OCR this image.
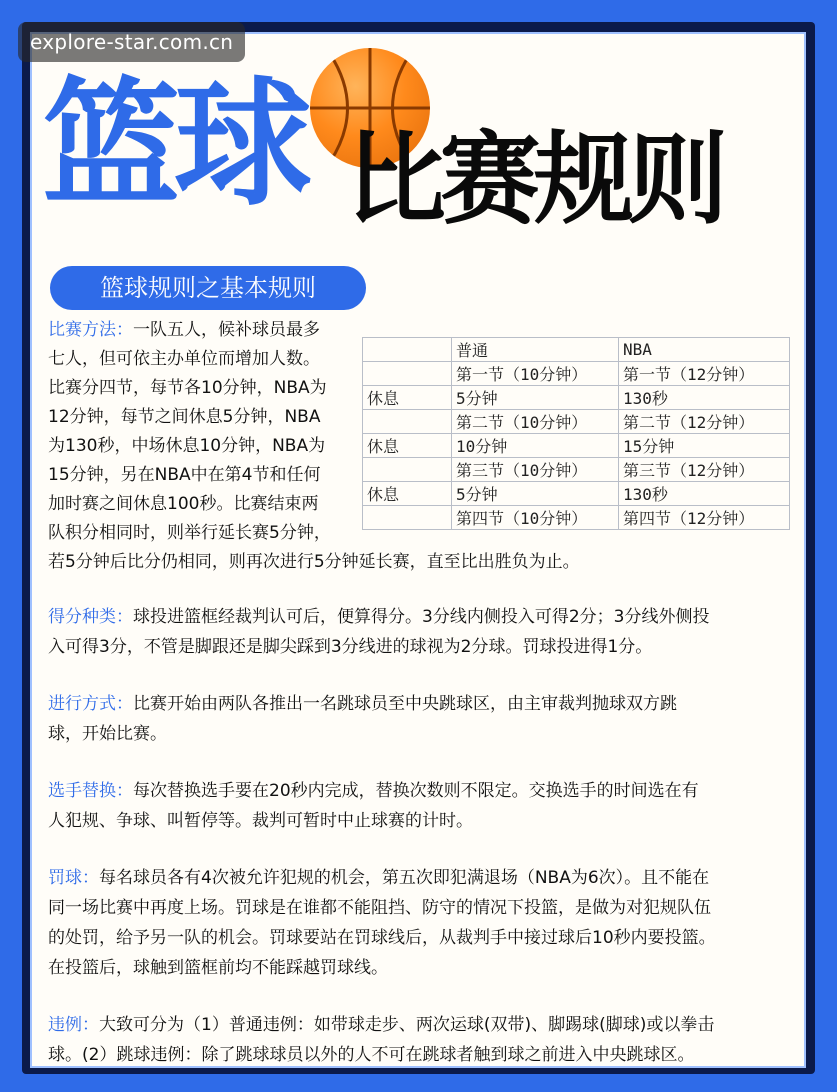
篮球 比赛规则
explore-star.com.cn
篮球规则之基本规则
比赛方法：一队五人，候补球员最多
七人，但可依主办单位而增加人数。
比赛分四节，每节各10分钟，NBA为
12分钟，每节之间休息5分钟，NBA
为130秒，中场休息10分钟，NBA为
15分钟，另在NBA中在第4节和任何
加时赛之间休息100秒。比赛结束两
队积分相同时，则举行延长赛5分钟，
若5分钟后比分仍相同，则再次进行5分钟延长赛，直至比出胜负为止。
	普通	NBA
	第一节（10分钟）	第一节（12分钟）
休息	5分钟	130秒
	第二节（10分钟）	第二节（12分钟）
休息	10分钟	15分钟
	第三节（10分钟）	第三节（12分钟）
休息	5分钟	130秒
	第四节（10分钟）	第四节（12分钟）
得分种类：球投进篮框经裁判认可后，便算得分。3分线内侧投入可得2分；3分线外侧投
入可得3分，不管是脚跟还是脚尖踩到3分线进的球视为2分球。罚球投进得1分。
进行方式：比赛开始由两队各推出一名跳球员至中央跳球区，由主审裁判抛球双方跳
球，开始比赛。
选手替换：每次替换选手要在20秒内完成，替换次数则不限定。交换选手的时间选在有
人犯规、争球、叫暂停等。裁判可暂时中止球赛的计时。
罚球：每名球员各有4次被允许犯规的机会，第五次即犯满退场（NBA为6次）。且不能在
同一场比赛中再度上场。罚球是在谁都不能阻挡、防守的情况下投篮，是做为对犯规队伍
的处罚，给予另一队的机会。罚球要站在罚球线后，从裁判手中接过球后10秒内要投篮。
在投篮后，球触到篮框前均不能踩越罚球线。
违例：大致可分为（1）普通违例：如带球走步、两次运球(双带)、脚踢球(脚球)或以拳击
球。(2）跳球违例：除了跳球球员以外的人不可在跳球者触到球之前进入中央跳球区。
